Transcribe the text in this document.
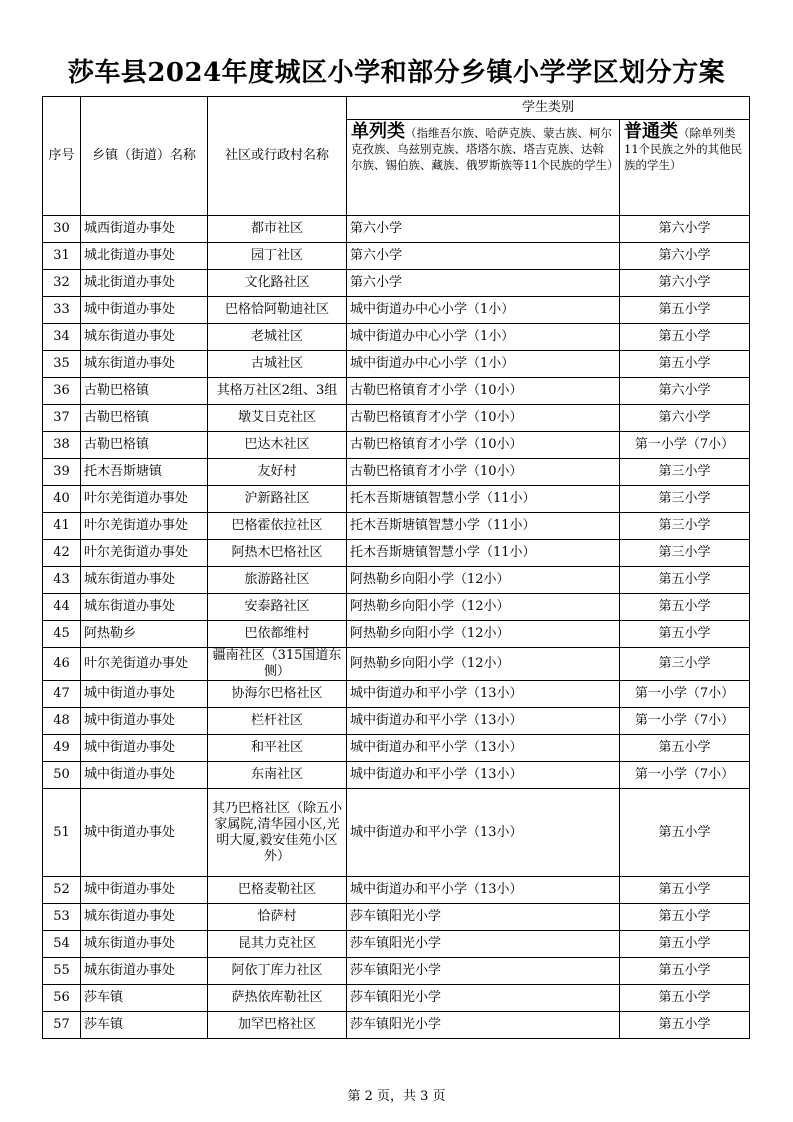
莎车县2024年度城区小学和部分乡镇小学学区划分方案
序号	乡镇（街道）名称	社区或行政村名称	学生类别	
			单列类（指维吾尔族、哈萨克族、蒙古族、柯尔克孜族、乌兹别克族、塔塔尔族、塔吉克族、达斡尔族、锡伯族、藏族、俄罗斯族等11个民族的学生）	普通类（除单列类11个民族之外的其他民族的学生）
30	城西街道办事处	都市社区	第六小学	第六小学
31	城北街道办事处	园丁社区	第六小学	第六小学
32	城北街道办事处	文化路社区	第六小学	第六小学
33	城中街道办事处	巴格恰阿勒迪社区	城中街道办中心小学（1小）	第五小学
34	城东街道办事处	老城社区	城中街道办中心小学（1小）	第五小学
35	城东街道办事处	古城社区	城中街道办中心小学（1小）	第五小学
36	古勒巴格镇	其格万社区2组、3组	古勒巴格镇育才小学（10小）	第六小学
37	古勒巴格镇	墩艾日克社区	古勒巴格镇育才小学（10小）	第六小学
38	古勒巴格镇	巴达木社区	古勒巴格镇育才小学（10小）	第一小学（7小）
39	托木吾斯塘镇	友好村	古勒巴格镇育才小学（10小）	第三小学
40	叶尔羌街道办事处	沪新路社区	托木吾斯塘镇智慧小学（11小）	第三小学
41	叶尔羌街道办事处	巴格霍依拉社区	托木吾斯塘镇智慧小学（11小）	第三小学
42	叶尔羌街道办事处	阿热木巴格社区	托木吾斯塘镇智慧小学（11小）	第三小学
43	城东街道办事处	旅游路社区	阿热勒乡向阳小学（12小）	第五小学
44	城东街道办事处	安泰路社区	阿热勒乡向阳小学（12小）	第五小学
45	阿热勒乡	巴依都维村	阿热勒乡向阳小学（12小）	第五小学
46	叶尔羌街道办事处	疆南社区（315国道东侧）	阿热勒乡向阳小学（12小）	第三小学
47	城中街道办事处	协海尔巴格社区	城中街道办和平小学（13小）	第一小学（7小）
48	城中街道办事处	栏杆社区	城中街道办和平小学（13小）	第一小学（7小）
49	城中街道办事处	和平社区	城中街道办和平小学（13小）	第五小学
50	城中街道办事处	东南社区	城中街道办和平小学（13小）	第一小学（7小）
51	城中街道办事处	其乃巴格社区（除五小家属院,清华园小区,光明大厦,毅安佳苑小区外）	城中街道办和平小学（13小）	第五小学
52	城中街道办事处	巴格麦勒社区	城中街道办和平小学（13小）	第五小学
53	城东街道办事处	恰萨村	莎车镇阳光小学	第五小学
54	城东街道办事处	昆其力克社区	莎车镇阳光小学	第五小学
55	城东街道办事处	阿依丁库力社区	莎车镇阳光小学	第五小学
56	莎车镇	萨热依库勒社区	莎车镇阳光小学	第五小学
57	莎车镇	加罕巴格社区	莎车镇阳光小学	第五小学
第 2 页，共 3 页
